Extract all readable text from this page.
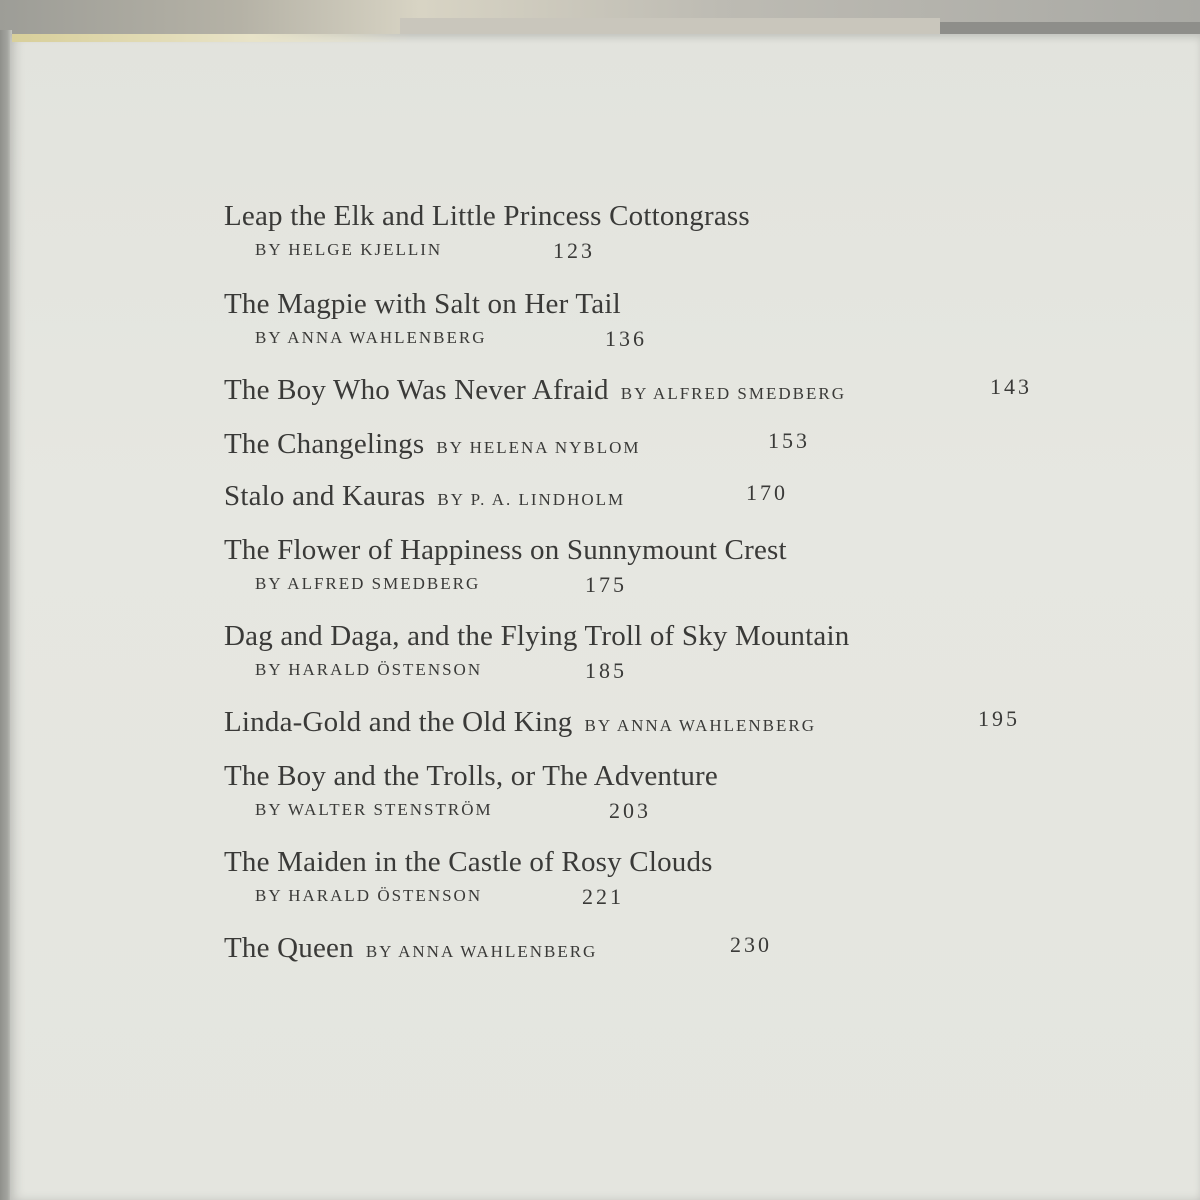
Leap the Elk and Little Princess Cottongrass
BY HELGE KJELLIN	123
The Magpie with Salt on Her Tail
BY ANNA WAHLENBERG	136
The Boy Who Was Never Afraid BY ALFRED SMEDBERG	143
The Changelings BY HELENA NYBLOM	153
Stalo and Kauras BY P. A. LINDHOLM	170
The Flower of Happiness on Sunnymount Crest
BY ALFRED SMEDBERG	175
Dag and Daga, and the Flying Troll of Sky Mountain
BY HARALD ÖSTENSON	185
Linda-Gold and the Old King BY ANNA WAHLENBERG	195
The Boy and the Trolls, or The Adventure
BY WALTER STENSTRÖM	203
The Maiden in the Castle of Rosy Clouds
BY HARALD ÖSTENSON	221
The Queen BY ANNA WAHLENBERG	230
